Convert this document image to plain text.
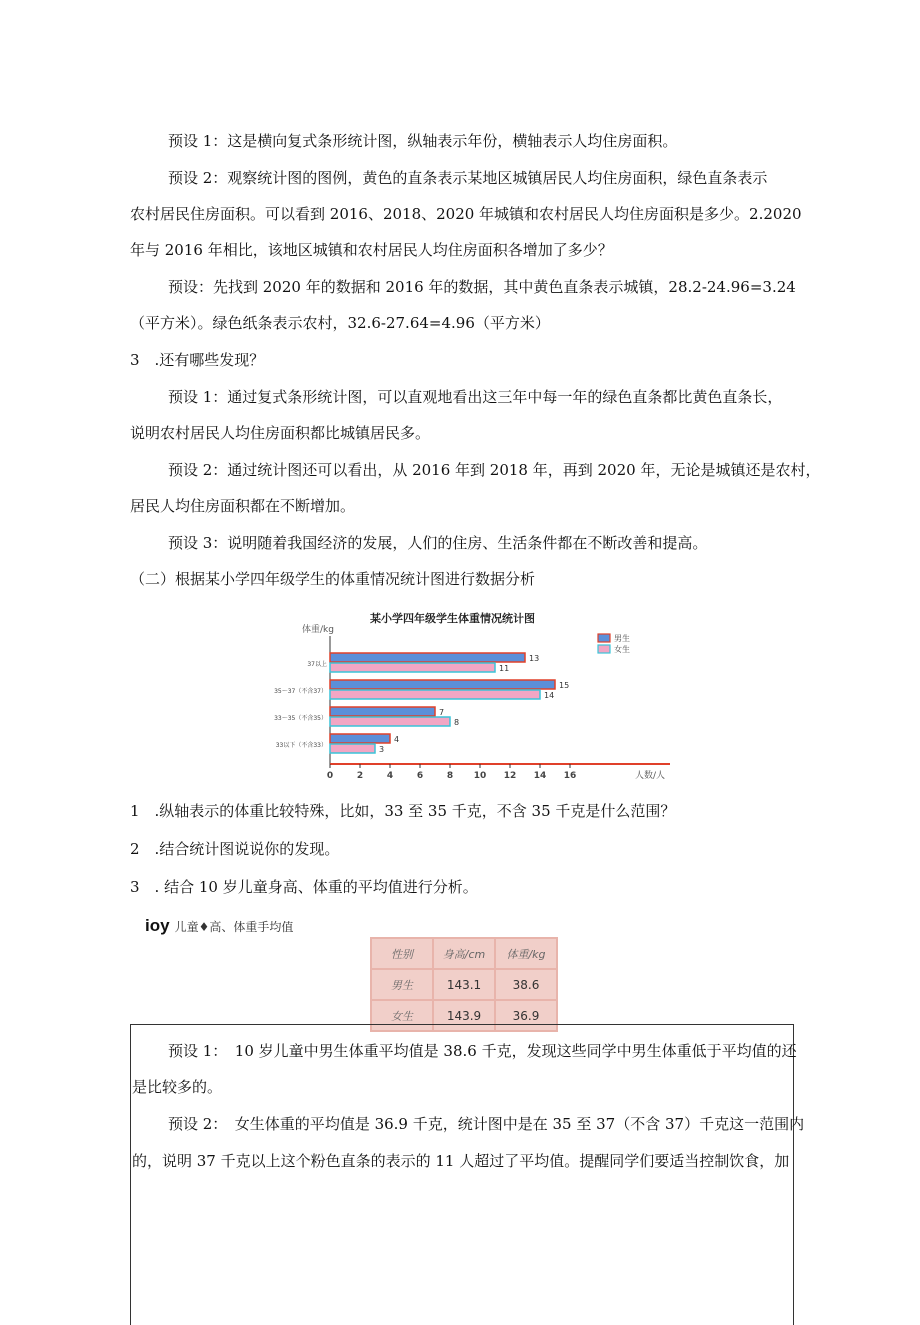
预设 1：这是横向复式条形统计图，纵轴表示年份，横轴表示人均住房面积。
预设 2：观察统计图的图例，黄色的直条表示某地区城镇居民人均住房面积，绿色直条表示
农村居民住房面积。可以看到 2016、2018、2020 年城镇和农村居民人均住房面积是多少。2.2020
年与 2016 年相比，该地区城镇和农村居民人均住房面积各增加了多少？
预设：先找到 2020 年的数据和 2016 年的数据，其中黄色直条表示城镇，28.2-24.96=3.24
（平方米）。绿色纸条表示农村，32.6-27.64=4.96（平方米）
3　.还有哪些发现？
预设 1：通过复式条形统计图，可以直观地看出这三年中每一年的绿色直条都比黄色直条长，
说明农村居民人均住房面积都比城镇居民多。
预设 2：通过统计图还可以看出，从 2016 年到 2018 年，再到 2020 年，无论是城镇还是农村，
居民人均住房面积都在不断增加。
预设 3：说明随着我国经济的发展，人们的住房、生活条件都在不断改善和提高。
（二）根据某小学四年级学生的体重情况统计图进行数据分析
某小学四年级学生体重情况统计图
体重/kg
人数/人
0	2	4	6	8 10 12 14 16
37以上
13
11
35～37（不含37）
15
14
33～35（不含35）
7
8
33以下（不含33）
4
3
男生
女生
1　.纵轴表示的体重比较特殊，比如，33 至 35 千克，不含 35 千克是什么范围？
2　.结合统计图说说你的发现。
3　. 结合 10 岁儿童身高、体重的平均值进行分析。
ioy 儿童♦高、体重手均值
性别	身高/cm	体重/kg
男生	143.1	38.6
女生	143.9	36.9
预设 1：　10 岁儿童中男生体重平均值是 38.6 千克，发现这些同学中男生体重低于平均值的还
是比较多的。
预设 2：　女生体重的平均值是 36.9 千克，统计图中是在 35 至 37（不含 37）千克这一范围内
的，说明 37 千克以上这个粉色直条的表示的 11 人超过了平均值。提醒同学们要适当控制饮食，加
